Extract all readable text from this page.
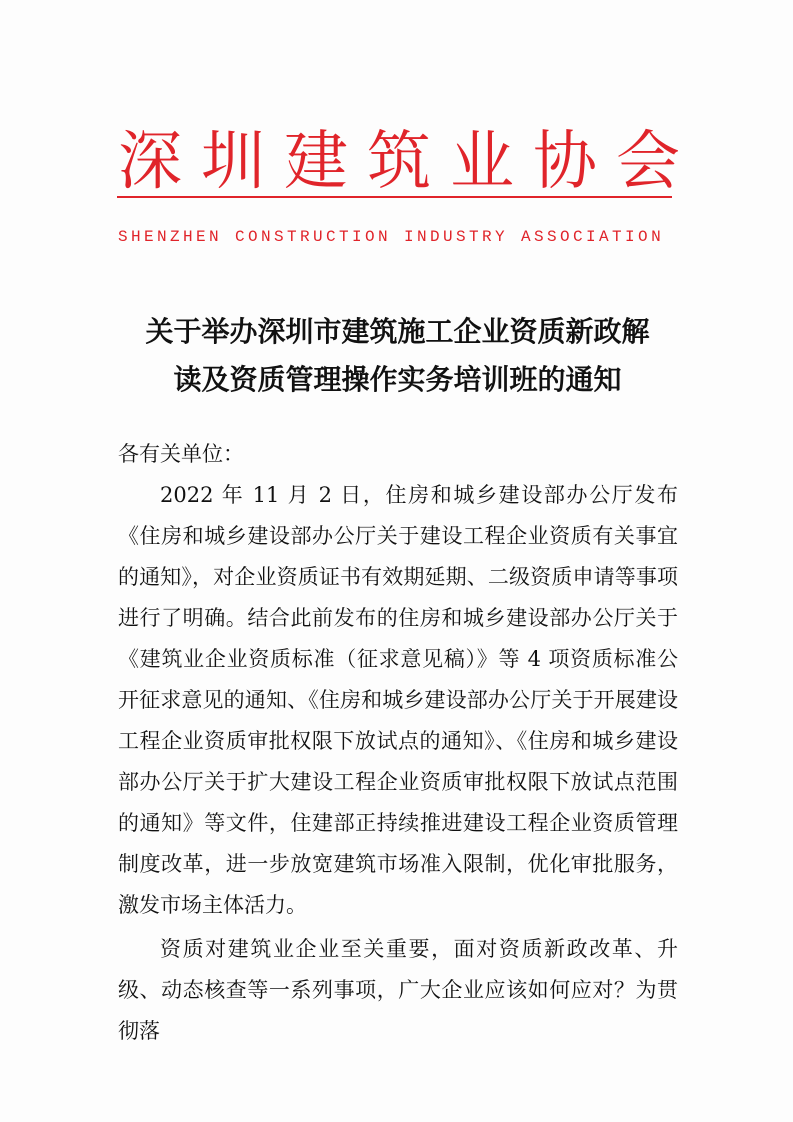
深圳建筑业协会
SHENZHEN CONSTRUCTION INDUSTRY ASSOCIATION
关于举办深圳市建筑施工企业资质新政解
读及资质管理操作实务培训班的通知

各有关单位：

2022 年 11 月 2 日，住房和城乡建设部办公厅发布《住房和城乡建设部办公厅关于建设工程企业资质有关事宜的通知》，对企业资质证书有效期延期、二级资质申请等事项进行了明确。结合此前发布的住房和城乡建设部办公厅关于《建筑业企业资质标准（征求意见稿）》等 4 项资质标准公开征求意见的通知、《住房和城乡建设部办公厅关于开展建设工程企业资质审批权限下放试点的通知》、《住房和城乡建设部办公厅关于扩大建设工程企业资质审批权限下放试点范围的通知》等文件，住建部正持续推进建设工程企业资质管理制度改革，进一步放宽建筑市场准入限制，优化审批服务，激发市场主体活力。

资质对建筑业企业至关重要，面对资质新政改革、升级、动态核查等一系列事项，广大企业应该如何应对？为贯彻落
